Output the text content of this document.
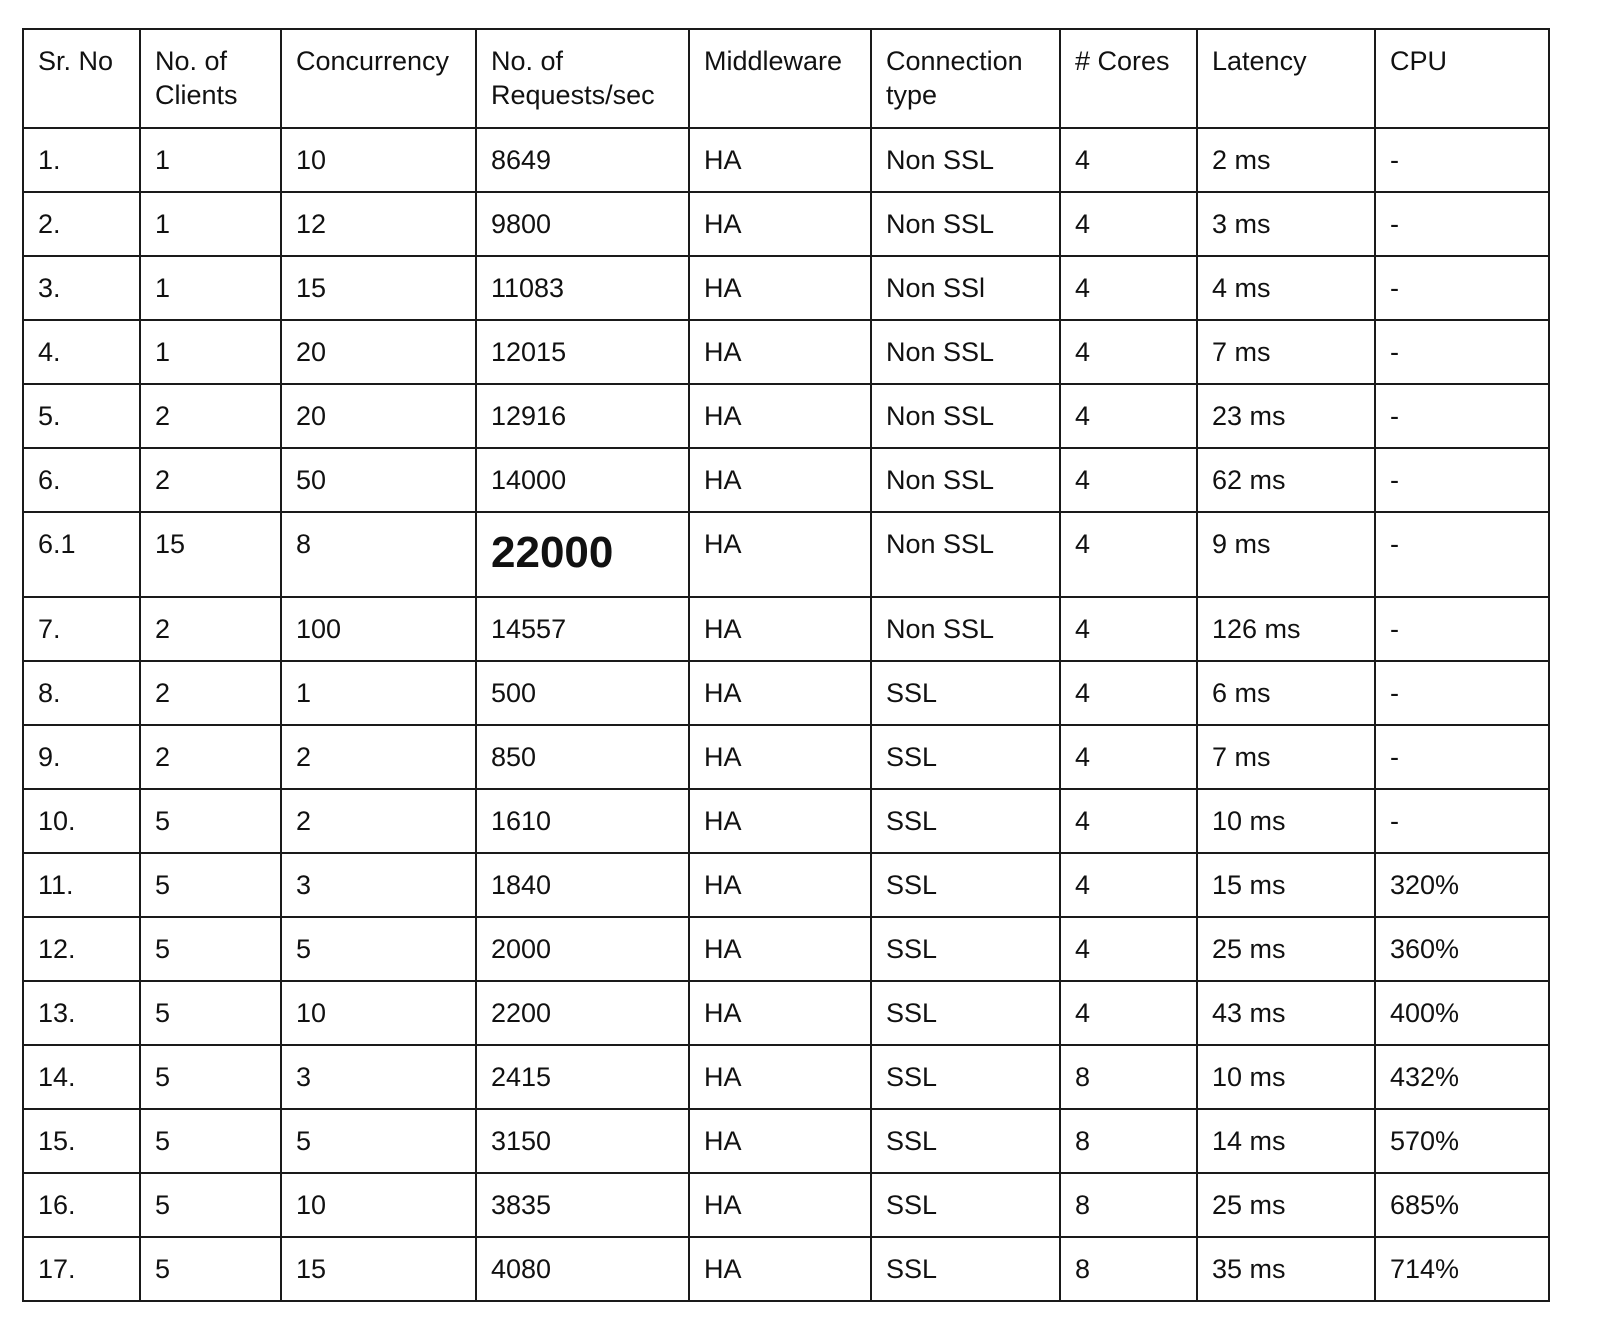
Sr. No	No. of Clients	Concurrency	No. of Requests/sec	Middleware	Connection type	# Cores	Latency	CPU
1.	1	10	8649	HA	Non SSL	4	2 ms	-
2.	1	12	9800	HA	Non SSL	4	3 ms	-
3.	1	15	11083	HA	Non SSl	4	4 ms	-
4.	1	20	12015	HA	Non SSL	4	7 ms	-
5.	2	20	12916	HA	Non SSL	4	23 ms	-
6.	2	50	14000	HA	Non SSL	4	62 ms	-
6.1	15	8	22000	HA	Non SSL	4	9 ms	-
7.	2	100	14557	HA	Non SSL	4	126 ms	-
8.	2	1	500	HA	SSL	4	6 ms	-
9.	2	2	850	HA	SSL	4	7 ms	-
10.	5	2	1610	HA	SSL	4	10 ms	-
11.	5	3	1840	HA	SSL	4	15 ms	320%
12.	5	5	2000	HA	SSL	4	25 ms	360%
13.	5	10	2200	HA	SSL	4	43 ms	400%
14.	5	3	2415	HA	SSL	8	10 ms	432%
15.	5	5	3150	HA	SSL	8	14 ms	570%
16.	5	10	3835	HA	SSL	8	25 ms	685%
17.	5	15	4080	HA	SSL	8	35 ms	714%
